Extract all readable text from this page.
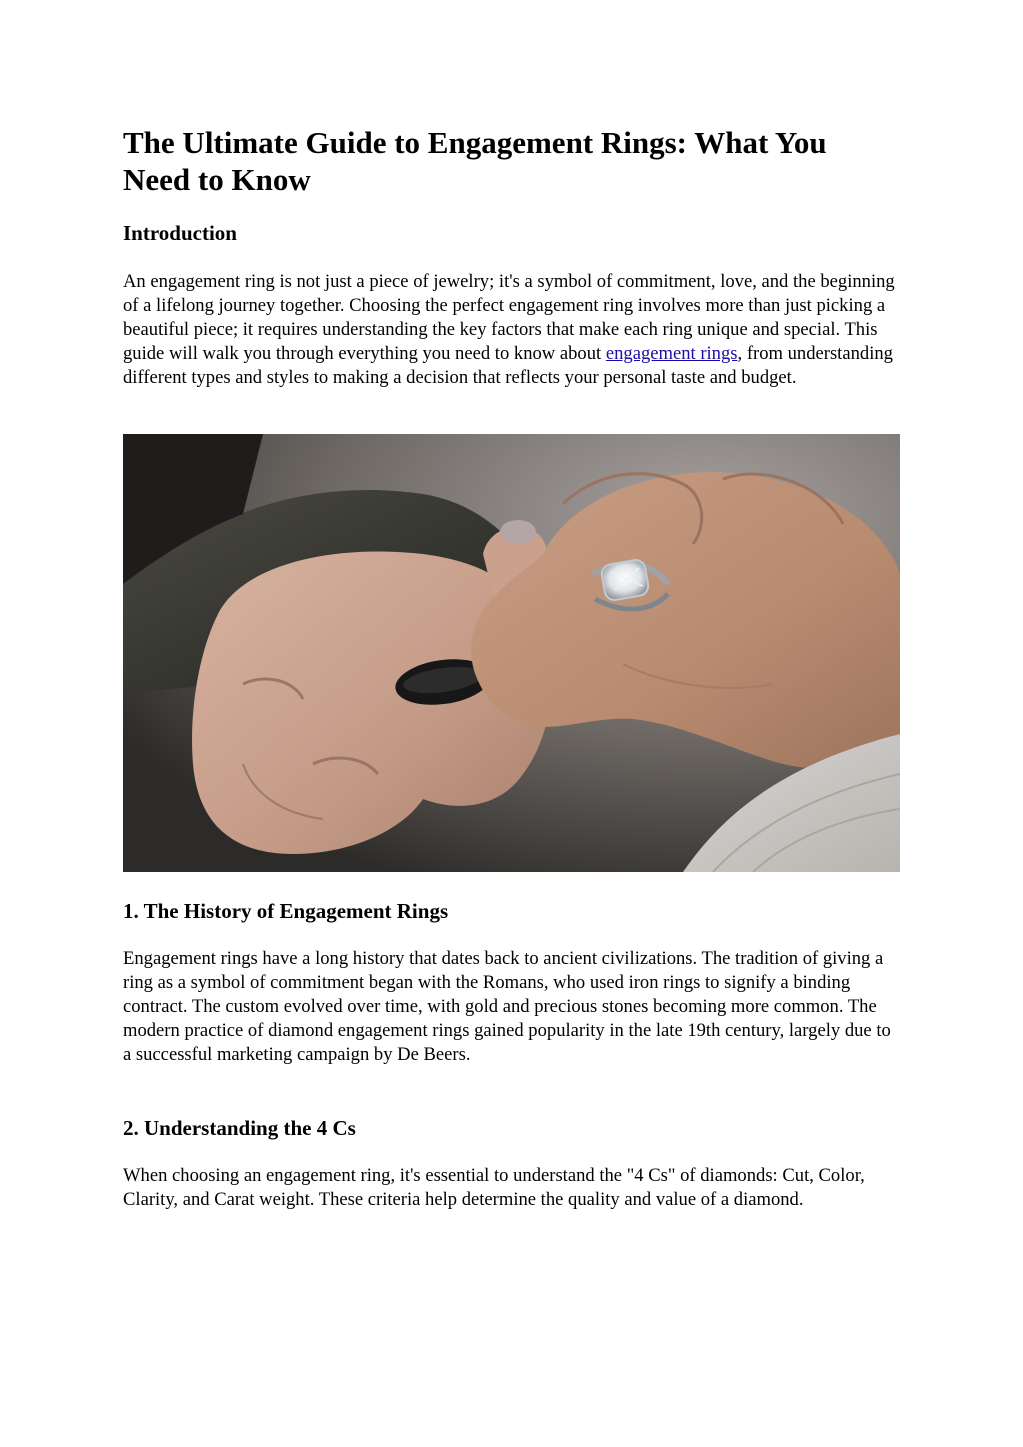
The Ultimate Guide to Engagement Rings: What You Need to Know
Introduction

An engagement ring is not just a piece of jewelry; it's a symbol of commitment, love, and the beginning of a lifelong journey together. Choosing the perfect engagement ring involves more than just picking a beautiful piece; it requires understanding the key factors that make each ring unique and special. This guide will walk you through everything you need to know about engagement rings, from understanding different types and styles to making a decision that reflects your personal taste and budget.

1. The History of Engagement Rings

Engagement rings have a long history that dates back to ancient civilizations. The tradition of giving a ring as a symbol of commitment began with the Romans, who used iron rings to signify a binding contract. The custom evolved over time, with gold and precious stones becoming more common. The modern practice of diamond engagement rings gained popularity in the late 19th century, largely due to a successful marketing campaign by De Beers.

2. Understanding the 4 Cs

When choosing an engagement ring, it's essential to understand the "4 Cs" of diamonds: Cut, Color, Clarity, and Carat weight. These criteria help determine the quality and value of a diamond.
